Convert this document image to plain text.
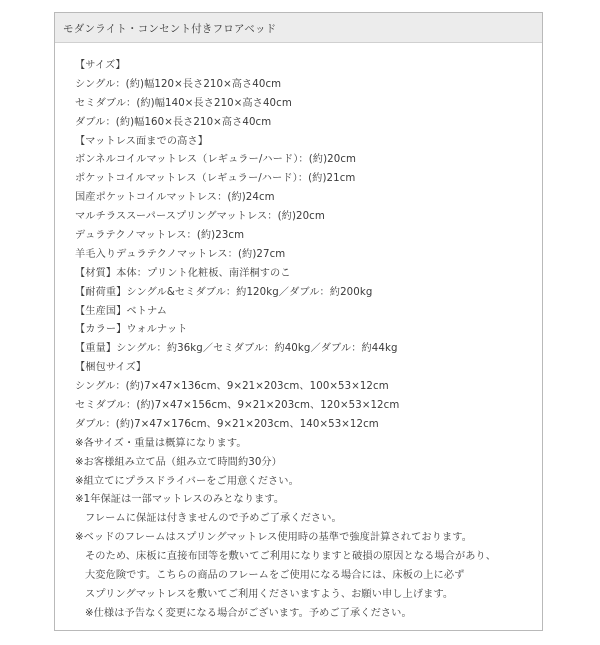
モダンライト・コンセント付きフロアベッド
【サイズ】
シングル：(約)幅120×長さ210×高さ40cm
セミダブル：(約)幅140×長さ210×高さ40cm
ダブル：(約)幅160×長さ210×高さ40cm
【マットレス面までの高さ】
ボンネルコイルマットレス（レギュラー/ハード）：(約)20cm
ポケットコイルマットレス（レギュラー/ハード）：(約)21cm
国産ポケットコイルマットレス：(約)24cm
マルチラススーパースプリングマットレス：(約)20cm
デュラテクノマットレス：(約)23cm
羊毛入りデュラテクノマットレス：(約)27cm
【材質】本体：プリント化粧板、南洋桐すのこ
【耐荷重】シングル&セミダブル：約120kg／ダブル：約200kg
【生産国】ベトナム
【カラー】ウォルナット
【重量】シングル：約36kg／セミダブル：約40kg／ダブル：約44kg
【梱包サイズ】
シングル：(約)7×47×136cm、9×21×203cm、100×53×12cm
セミダブル：(約)7×47×156cm、9×21×203cm、120×53×12cm
ダブル：(約)7×47×176cm、9×21×203cm、140×53×12cm
※各サイズ・重量は概算になります。
※お客様組み立て品（組み立て時間約30分）
※組立てにプラスドライバーをご用意ください。
※1年保証は一部マットレスのみとなります。
フレームに保証は付きませんので予めご了承ください。
※ベッドのフレームはスプリングマットレス使用時の基準で強度計算されております。
そのため、床板に直接布団等を敷いてご利用になりますと破損の原因となる場合があり、
大変危険です。こちらの商品のフレームをご使用になる場合には、床板の上に必ず
スプリングマットレスを敷いてご利用くださいますよう、お願い申し上げます。
※仕様は予告なく変更になる場合がございます。予めご了承ください。
